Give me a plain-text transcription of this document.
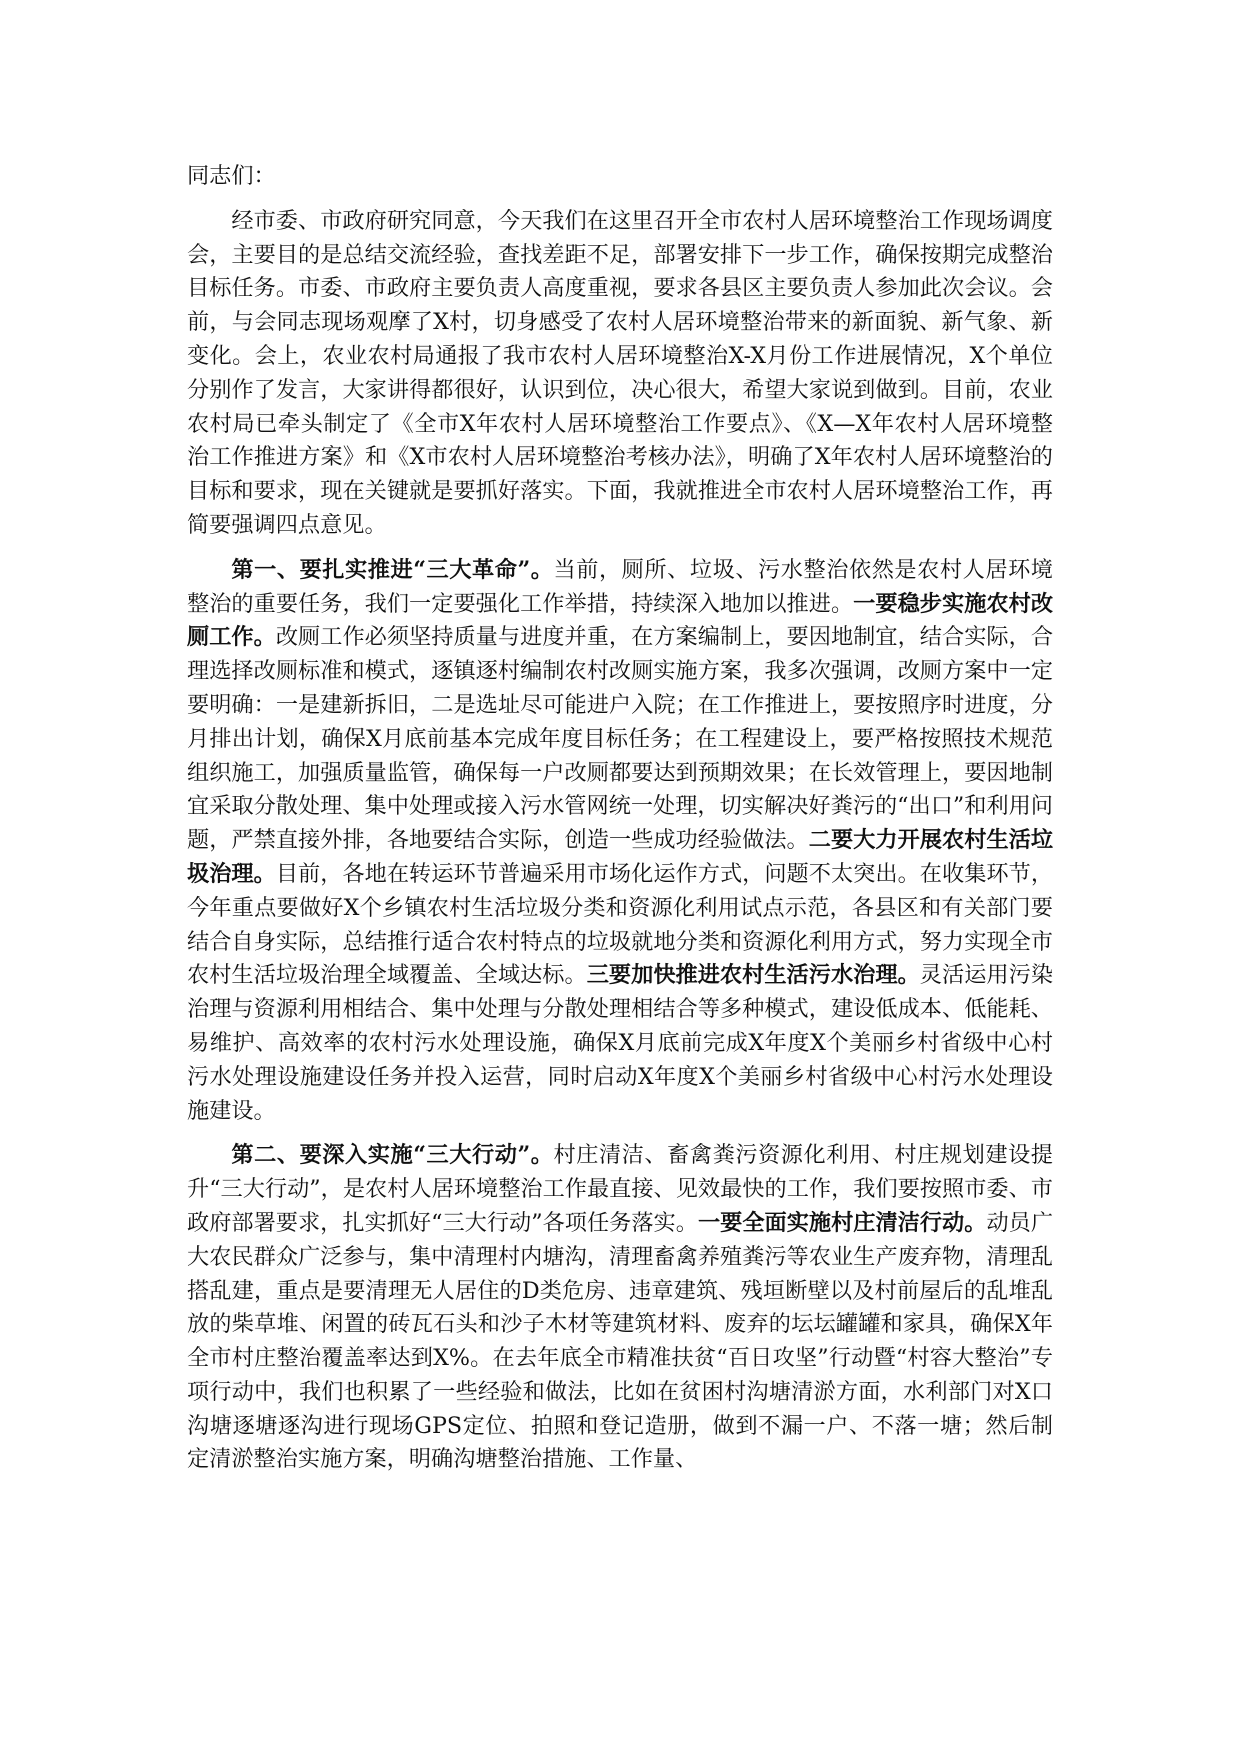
同志们：

经市委、市政府研究同意，今天我们在这里召开全市农村人居环境整治工作现场调度会，主要目的是总结交流经验，查找差距不足，部署安排下一步工作，确保按期完成整治目标任务。市委、市政府主要负责人高度重视，要求各县区主要负责人参加此次会议。会前，与会同志现场观摩了X村，切身感受了农村人居环境整治带来的新面貌、新气象、新变化。会上，农业农村局通报了我市农村人居环境整治X-X月份工作进展情况，X个单位分别作了发言，大家讲得都很好，认识到位，决心很大，希望大家说到做到。目前，农业农村局已牵头制定了《全市X年农村人居环境整治工作要点》、《X—X年农村人居环境整治工作推进方案》和《X市农村人居环境整治考核办法》，明确了X年农村人居环境整治的目标和要求，现在关键就是要抓好落实。下面，我就推进全市农村人居环境整治工作，再简要强调四点意见。

第一、要扎实推进“三大革命”。当前，厕所、垃圾、污水整治依然是农村人居环境整治的重要任务，我们一定要强化工作举措，持续深入地加以推进。一要稳步实施农村改厕工作。改厕工作必须坚持质量与进度并重，在方案编制上，要因地制宜，结合实际，合理选择改厕标准和模式，逐镇逐村编制农村改厕实施方案，我多次强调，改厕方案中一定要明确：一是建新拆旧，二是选址尽可能进户入院；在工作推进上，要按照序时进度，分月排出计划，确保X月底前基本完成年度目标任务；在工程建设上，要严格按照技术规范组织施工，加强质量监管，确保每一户改厕都要达到预期效果；在长效管理上，要因地制宜采取分散处理、集中处理或接入污水管网统一处理，切实解决好粪污的“出口”和利用问题，严禁直接外排，各地要结合实际，创造一些成功经验做法。二要大力开展农村生活垃圾治理。目前，各地在转运环节普遍采用市场化运作方式，问题不太突出。在收集环节，今年重点要做好X个乡镇农村生活垃圾分类和资源化利用试点示范，各县区和有关部门要结合自身实际，总结推行适合农村特点的垃圾就地分类和资源化利用方式，努力实现全市农村生活垃圾治理全域覆盖、全域达标。三要加快推进农村生活污水治理。灵活运用污染治理与资源利用相结合、集中处理与分散处理相结合等多种模式，建设低成本、低能耗、易维护、高效率的农村污水处理设施，确保X月底前完成X年度X个美丽乡村省级中心村污水处理设施建设任务并投入运营，同时启动X年度X个美丽乡村省级中心村污水处理设施建设。

第二、要深入实施“三大行动”。村庄清洁、畜禽粪污资源化利用、村庄规划建设提升“三大行动”，是农村人居环境整治工作最直接、见效最快的工作，我们要按照市委、市政府部署要求，扎实抓好“三大行动”各项任务落实。一要全面实施村庄清洁行动。动员广大农民群众广泛参与，集中清理村内塘沟，清理畜禽养殖粪污等农业生产废弃物，清理乱搭乱建，重点是要清理无人居住的D类危房、违章建筑、残垣断壁以及村前屋后的乱堆乱放的柴草堆、闲置的砖瓦石头和沙子木材等建筑材料、废弃的坛坛罐罐和家具，确保X年全市村庄整治覆盖率达到X%。在去年底全市精准扶贫“百日攻坚”行动暨“村容大整治”专项行动中，我们也积累了一些经验和做法，比如在贫困村沟塘清淤方面，水利部门对X口沟塘逐塘逐沟进行现场GPS定位、拍照和登记造册，做到不漏一户、不落一塘；然后制定清淤整治实施方案，明确沟塘整治措施、工作量、
